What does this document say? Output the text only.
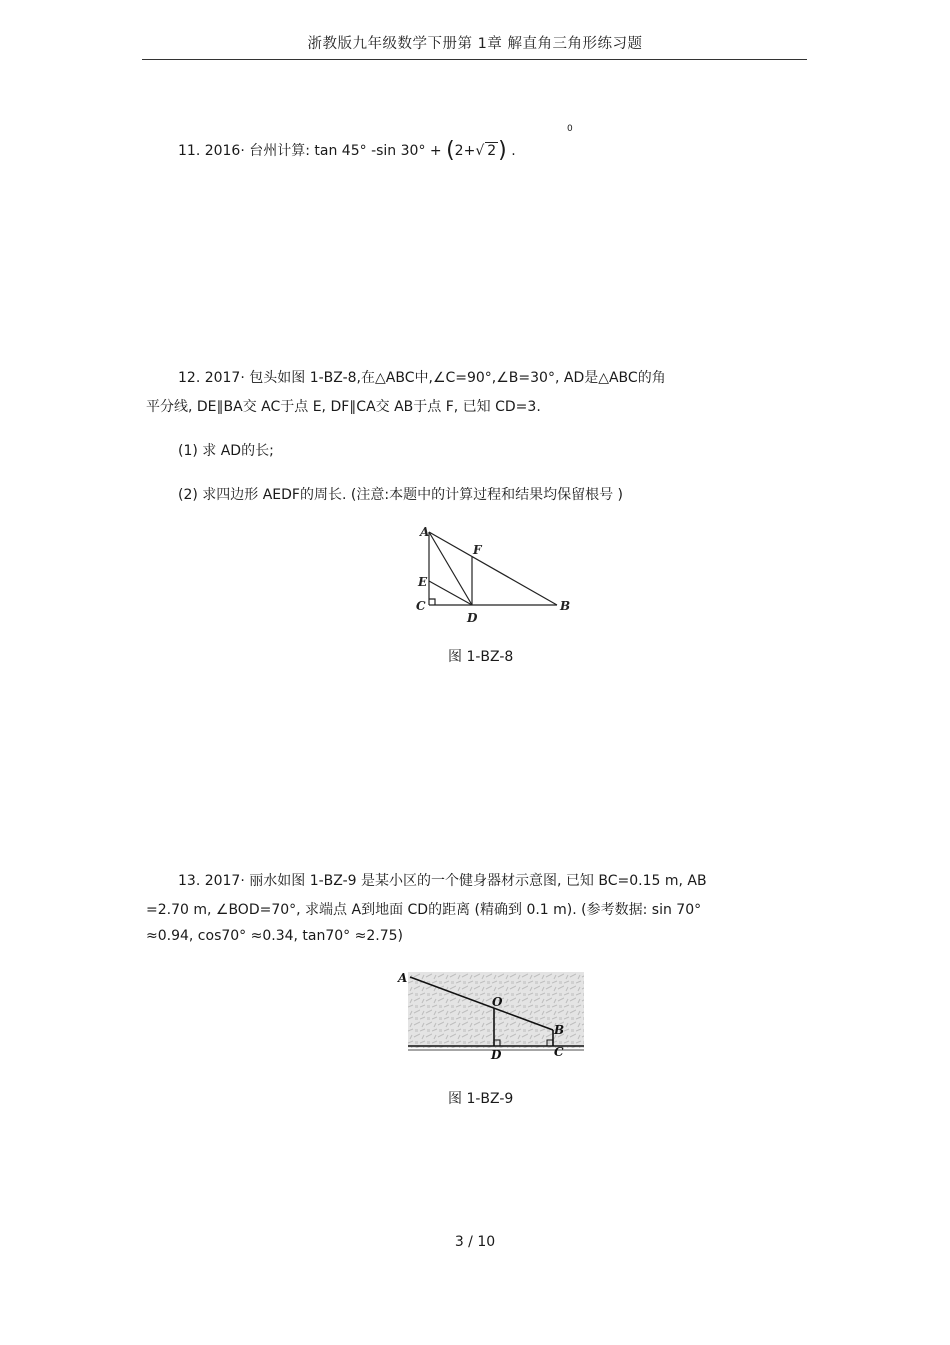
浙教版九年级数学下册第 1章 解直角三角形练习题
11. 2016· 台州计算: tan 45° -sin 30° + (2+√ 2) .
0
12. 2017· 包头如图 1-BZ-8,在△ABC中,∠C=90°,∠B=30°, AD是△ABC的角
平分线, DE∥BA交 AC于点 E, DF∥CA交 AB于点 F, 已知 CD=3.
(1) 求 AD的长;
(2) 求四边形 AEDF的周长. (注意:本题中的计算过程和结果均保留根号 )
A
F
E
C
D
B
图 1-BZ-8
13. 2017· 丽水如图 1-BZ-9 是某小区的一个健身器材示意图, 已知 BC=0.15 m, AB
=2.70 m, ∠BOD=70°, 求端点 A到地面 CD的距离 (精确到 0.1 m). (参考数据: sin 70°
≈0.94, cos70° ≈0.34, tan70° ≈2.75)
A
O
B
D	C
图 1-BZ-9
3 / 10
